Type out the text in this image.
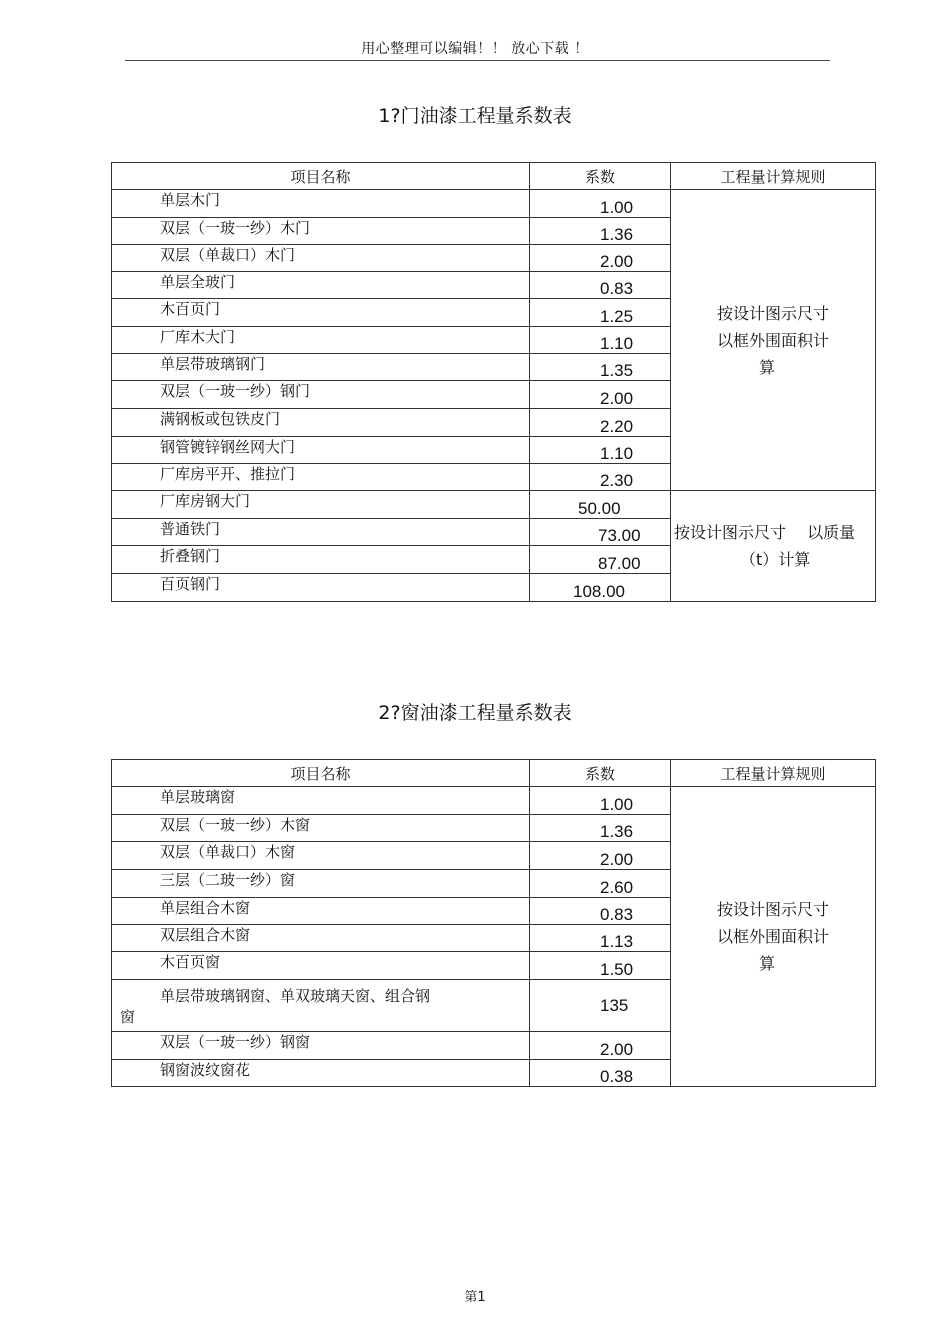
用心整理可以编辑！！ 放心下载 ！
1?门油漆工程量系数表
项目名称	系数	工程量计算规则
单层木门	1.00	按设计图示尺寸
以框外围面积计
算

双层（一玻一纱）木门	1.36	
双层（单裁口）木门	2.00	
单层全玻门	0.83	
木百页门	1.25	
厂库木大门	1.10	
单层带玻璃钢门	1.35	
双层（一玻一纱）钢门	2.00	
满钢板或包铁皮门	2.20	
钢管镀锌钢丝网大门	1.10	
厂库房平开、推拉门	2.30	
厂库房钢大门	50.00	按设计图示尺寸　 以质量
（t）计算

普通铁门	73.00	
折叠钢门	87.00	
百页钢门	108.00	
2?窗油漆工程量系数表
项目名称	系数	工程量计算规则
单层玻璃窗	1.00	按设计图示尺寸
以框外围面积计
算

双层（一玻一纱）木窗	1.36	
双层（单裁口）木窗	2.00	
三层（二玻一纱）窗	2.60	
单层组合木窗	0.83	
双层组合木窗	1.13	
木百页窗	1.50	

单层带玻璃钢窗、单双玻璃天窗、组合钢
窗	135	
双层（一玻一纱）钢窗	2.00	
钢窗波纹窗花	0.38	
第1
